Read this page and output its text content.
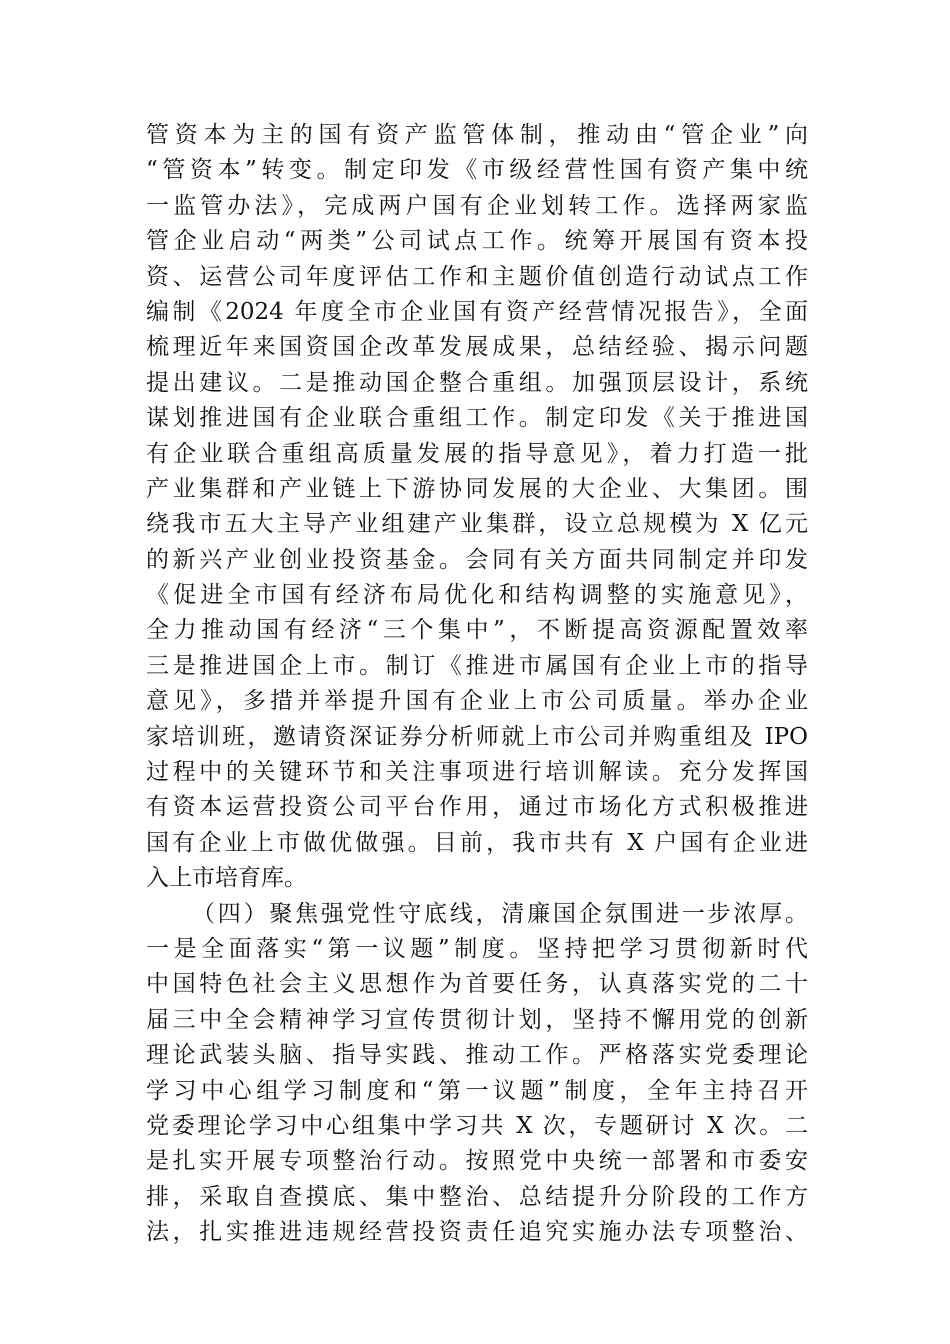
管资本为主的国有资产监管体制，推动由“管企业”向
“管资本”转变。制定印发《市级经营性国有资产集中统
一监管办法》，完成两户国有企业划转工作。选择两家监
管企业启动“两类”公司试点工作。统筹开展国有资本投
资、运营公司年度评估工作和主题价值创造行动试点工作
编制《2024 年度全市企业国有资产经营情况报告》，全面
梳理近年来国资国企改革发展成果，总结经验、揭示问题
提出建议。二是推动国企整合重组。加强顶层设计，系统
谋划推进国有企业联合重组工作。制定印发《关于推进国
有企业联合重组高质量发展的指导意见》，着力打造一批
产业集群和产业链上下游协同发展的大企业、大集团。围
绕我市五大主导产业组建产业集群，设立总规模为 X 亿元
的新兴产业创业投资基金。会同有关方面共同制定并印发
《促进全市国有经济布局优化和结构调整的实施意见》，
全力推动国有经济“三个集中”，不断提高资源配置效率
三是推进国企上市。制订《推进市属国有企业上市的指导
意见》，多措并举提升国有企业上市公司质量。举办企业
家培训班，邀请资深证券分析师就上市公司并购重组及 IPO
过程中的关键环节和关注事项进行培训解读。充分发挥国
有资本运营投资公司平台作用，通过市场化方式积极推进
国有企业上市做优做强。目前，我市共有 X 户国有企业进
入上市培育库。
（四）聚焦强党性守底线，清廉国企氛围进一步浓厚。
一是全面落实“第一议题”制度。坚持把学习贯彻新时代
中国特色社会主义思想作为首要任务，认真落实党的二十
届三中全会精神学习宣传贯彻计划，坚持不懈用党的创新
理论武装头脑、指导实践、推动工作。严格落实党委理论
学习中心组学习制度和“第一议题”制度，全年主持召开
党委理论学习中心组集中学习共 X 次，专题研讨 X 次。二
是扎实开展专项整治行动。按照党中央统一部署和市委安
排，采取自查摸底、集中整治、总结提升分阶段的工作方
法，扎实推进违规经营投资责任追究实施办法专项整治、
